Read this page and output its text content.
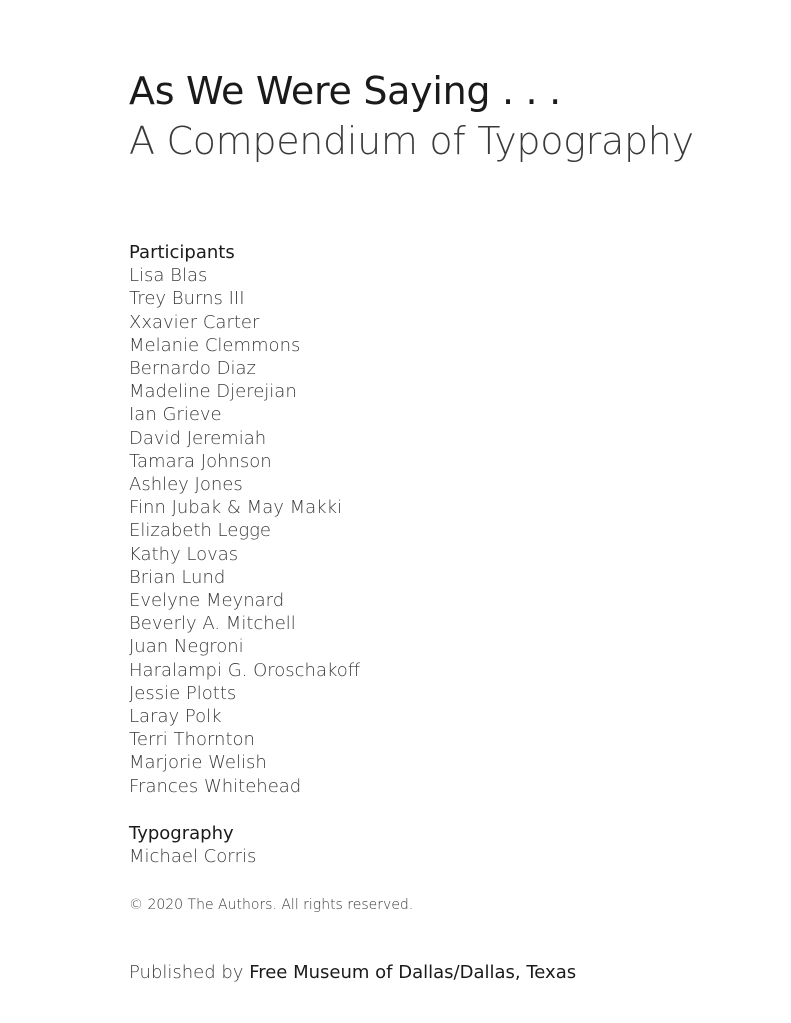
As We Were Saying . . .
A Compendium of Typography
Participants
Lisa Blas
Trey Burns III
Xxavier Carter
Melanie Clemmons
Bernardo Diaz
Madeline Djerejian
Ian Grieve
David Jeremiah
Tamara Johnson
Ashley Jones
Finn Jubak & May Makki
Elizabeth Legge
Kathy Lovas
Brian Lund
Evelyne Meynard
Beverly A. Mitchell
Juan Negroni
Haralampi G. Oroschakoff
Jessie Plotts
Laray Polk
Terri Thornton
Marjorie Welish
Frances Whitehead
Typography
Michael Corris
© 2020 The Authors. All rights reserved.
Published by Free Museum of Dallas/Dallas, Texas
